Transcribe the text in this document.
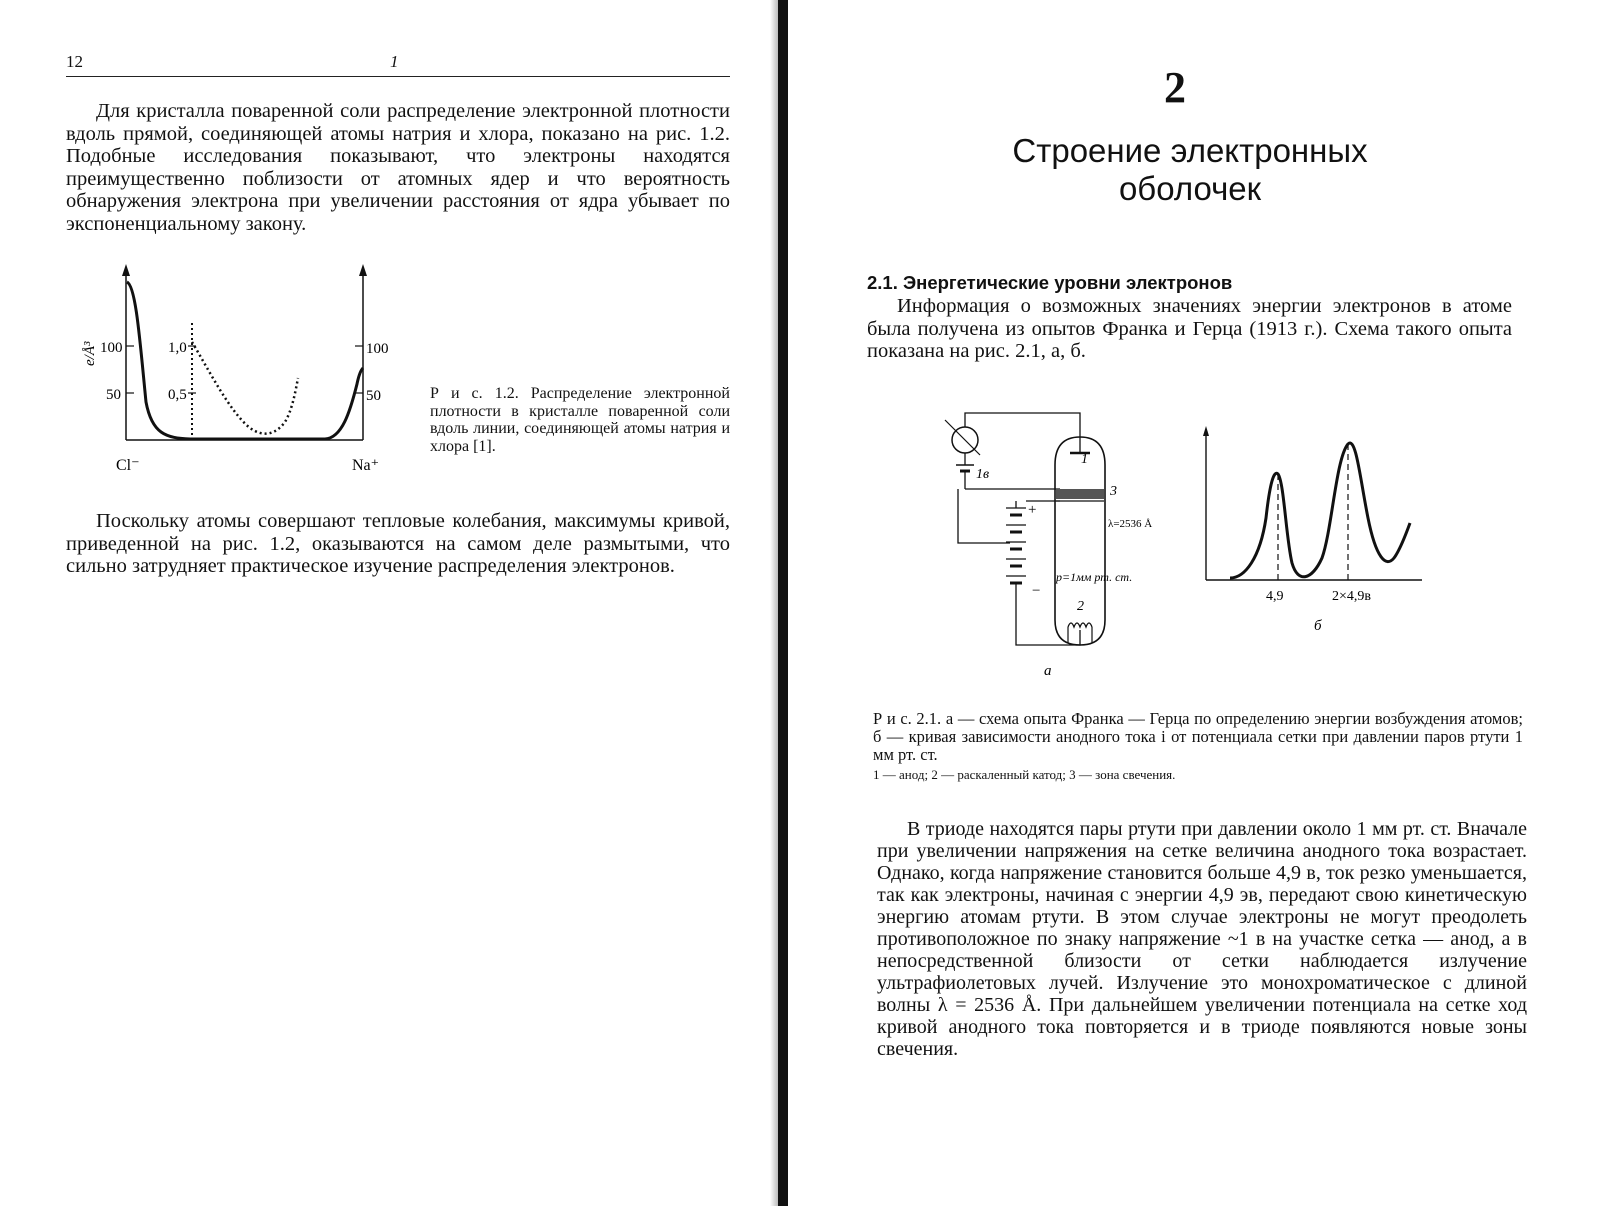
12	1
Для кристалла поваренной соли распределение электронной плотности вдоль прямой, соединяющей атомы натрия и хлора, показано на рис. 1.2. Подобные исследования показывают, что электроны находятся преимущественно поблизости от атомных ядер и что вероятность обнаружения электрона при увеличении расстояния от ядра убывает по экспоненциальному закону.
e/Å³ 100
50
1,0
0,5
100
50
Cl⁻	Na⁺
Р и с. 1.2. Распределение электронной плотности в кристалле поваренной соли вдоль линии, соединяющей атомы натрия и хлора [1].
Поскольку атомы совершают тепловые колебания, максимумы кривой, приведенной на рис. 1.2, оказываются на самом деле размытыми, что сильно затрудняет практическое изучение распределения электронов.
2
Строение электронных оболочек
2.1. Энергетические уровни электронов
Информация о возможных значениях энергии электронов в атоме была получена из опытов Франка и Герца (1913 г.). Схема такого опыта показана на рис. 2.1, а, б.
1в
1
3
λ=2536 Å
p=1мм рт. ст.
2
+
−
а
4,9	2×4,9в
б
Р и с. 2.1. а — схема опыта Франка — Герца по определению энергии возбуждения атомов; б — кривая зависимости анодного тока i от потенциала сетки при давлении паров ртути 1 мм рт. ст.
1 — анод; 2 — раскаленный катод; 3 — зона свечения.
В триоде находятся пары ртути при давлении около 1 мм рт. ст. Вначале при увеличении напряжения на сетке величина анодного тока возрастает. Однако, когда напряжение становится больше 4,9 в, ток резко уменьшается, так как электроны, начиная с энергии 4,9 эв, передают свою кинетическую энергию атомам ртути. В этом случае электроны не могут преодолеть противоположное по знаку напряжение ~1 в на участке сетка — анод, а в непосредственной близости от сетки наблюдается излучение ультрафиолетовых лучей. Излучение это монохроматическое с длиной волны λ = 2536 Å. При дальнейшем увеличении потенциала на сетке ход кривой анодного тока повторяется и в триоде появляются новые зоны свечения.
